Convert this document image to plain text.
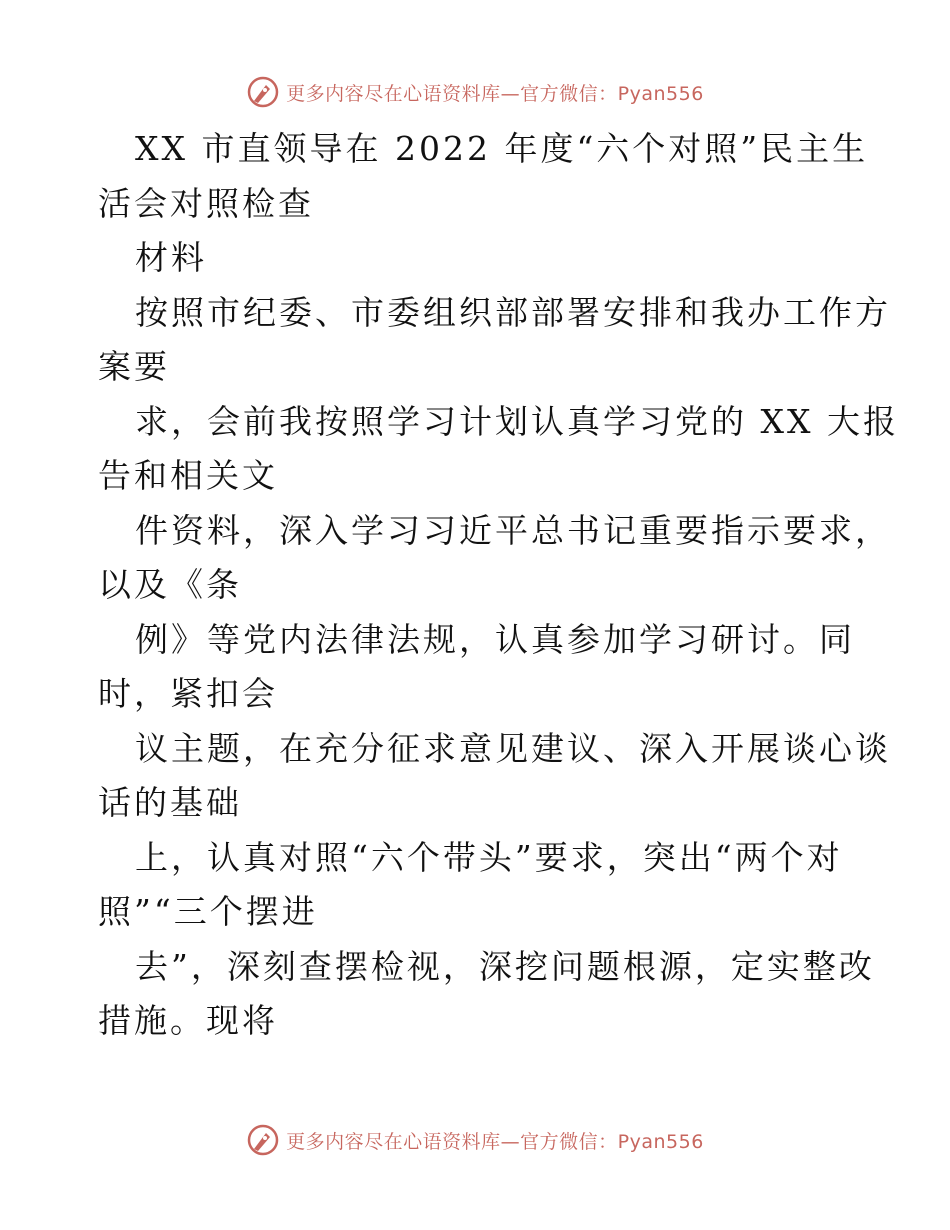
更多内容尽在心语资料库—官方微信：Pyan556
XX 市直领导在 2022 年度“六个对照”民主生
活会对照检查
材料
按照市纪委、市委组织部部署安排和我办工作方
案要
求，会前我按照学习计划认真学习党的 XX 大报
告和相关文
件资料，深入学习习近平总书记重要指示要求，
以及《条
例》等党内法律法规，认真参加学习研讨。同
时，紧扣会
议主题，在充分征求意见建议、深入开展谈心谈
话的基础
上，认真对照“六个带头”要求，突出“两个对
照”“三个摆进
去”，深刻查摆检视，深挖问题根源，定实整改
措施。现将
更多内容尽在心语资料库—官方微信：Pyan556
